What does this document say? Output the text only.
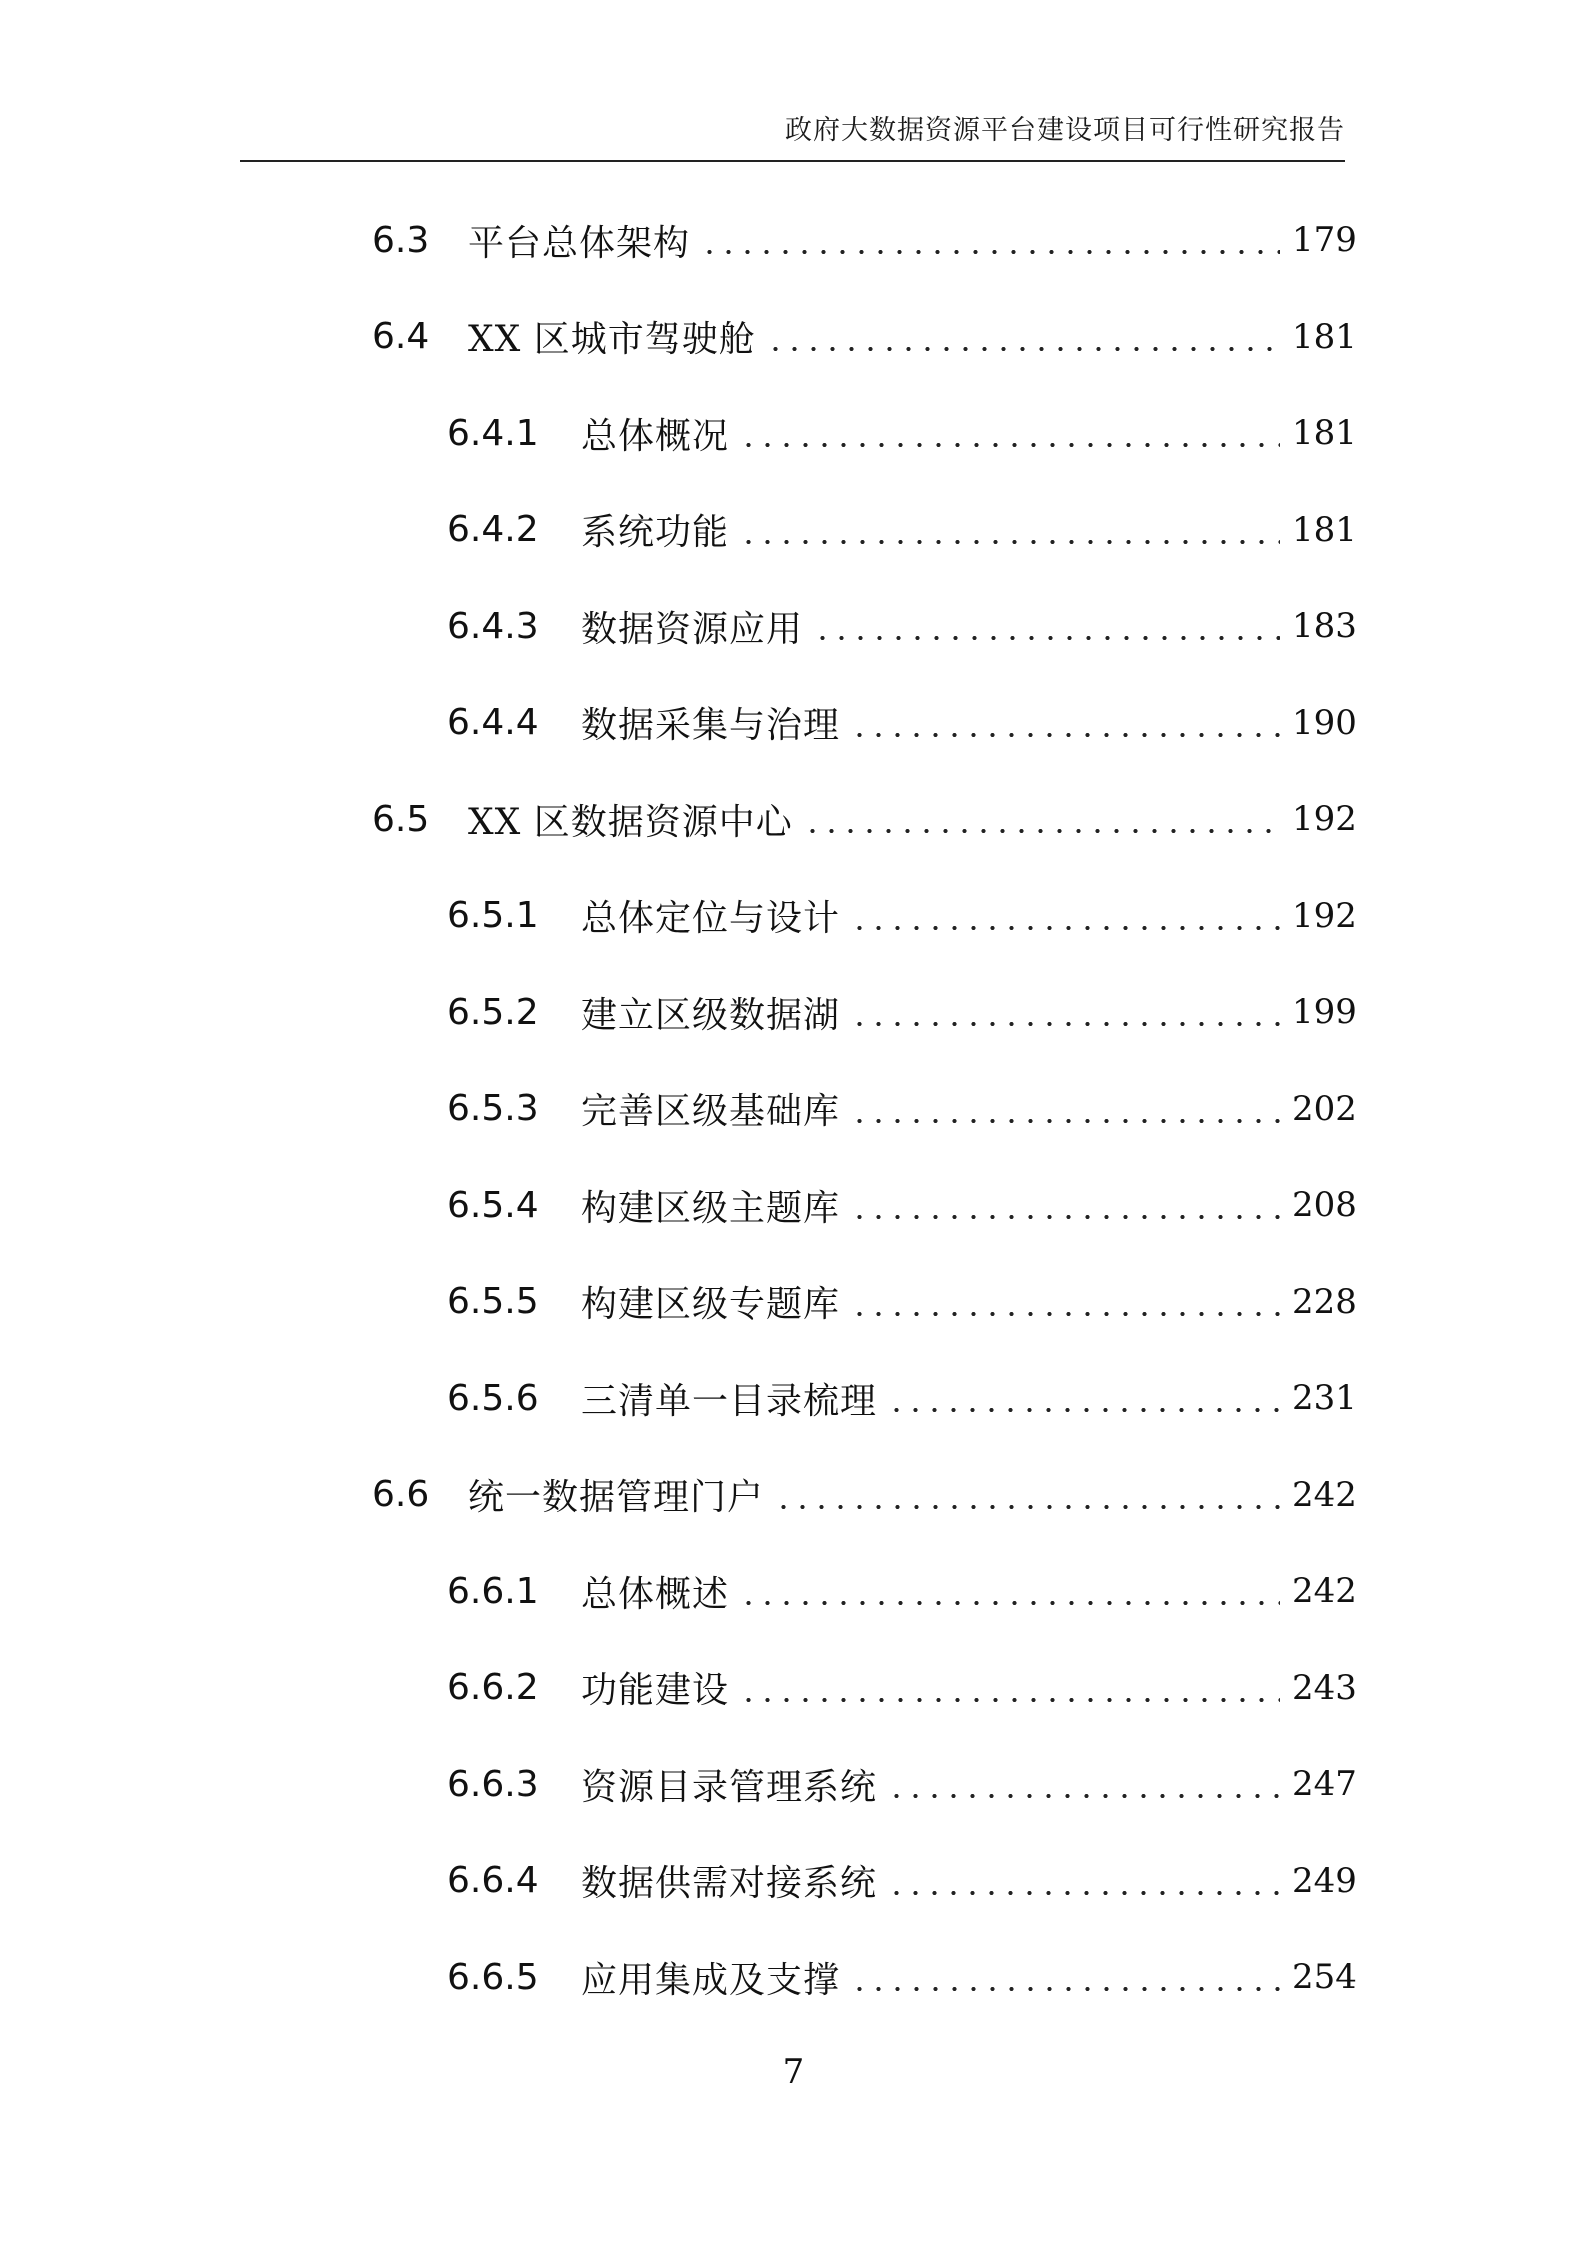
政府大数据资源平台建设项目可行性研究报告
6.3	平台总体架构	179
6.4	XX 区城市驾驶舱	181
6.4.1	总体概况	181
6.4.2	系统功能	181
6.4.3	数据资源应用	183
6.4.4	数据采集与治理	190
6.5	XX 区数据资源中心	192
6.5.1	总体定位与设计	192
6.5.2	建立区级数据湖	199
6.5.3	完善区级基础库	202
6.5.4	构建区级主题库	208
6.5.5	构建区级专题库	228
6.5.6	三清单一目录梳理	231
6.6	统一数据管理门户	242
6.6.1	总体概述	242
6.6.2	功能建设	243
6.6.3	资源目录管理系统	247
6.6.4	数据供需对接系统	249
6.6.5	应用集成及支撑	254
7
